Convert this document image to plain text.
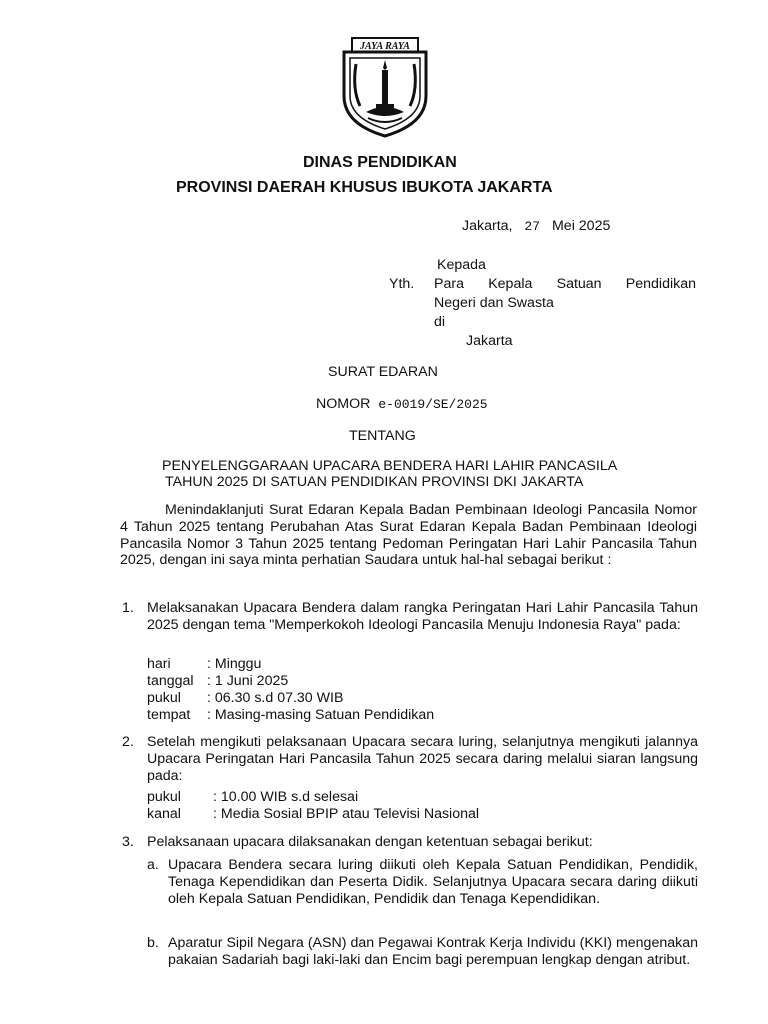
JAYA RAYA
DINAS PENDIDIKAN
PROVINSI DAERAH KHUSUS IBUKOTA JAKARTA
Jakarta, 27 Mei 2025
Kepada
Yth. Para Kepala Satuan Pendidikan
Negeri dan Swasta
di
Jakarta
SURAT EDARAN
NOMOR e-0019/SE/2025
TENTANG
PENYELENGGARAAN UPACARA BENDERA HARI LAHIR PANCASILA
TAHUN 2025 DI SATUAN PENDIDIKAN PROVINSI DKI JAKARTA
Menindaklanjuti Surat Edaran Kepala Badan Pembinaan Ideologi Pancasila Nomor 4 Tahun 2025 tentang Perubahan Atas Surat Edaran Kepala Badan Pembinaan Ideologi Pancasila Nomor 3 Tahun 2025 tentang Pedoman Peringatan Hari Lahir Pancasila Tahun 2025, dengan ini saya minta perhatian Saudara untuk hal-hal sebagai berikut :
1. Melaksanakan Upacara Bendera dalam rangka Peringatan Hari Lahir Pancasila Tahun 2025 dengan tema "Memperkokoh Ideologi Pancasila Menuju Indonesia Raya" pada:
hari	: Minggu
tanggal : 1 Juni 2025
pukul : 06.30 s.d 07.30 WIB
tempat : Masing-masing Satuan Pendidikan
2. Setelah mengikuti pelaksanaan Upacara secara luring, selanjutnya mengikuti jalannya Upacara Peringatan Hari Pancasila Tahun 2025 secara daring melalui siaran langsung pada:
pukul : 10.00 WIB s.d selesai
kanal : Media Sosial BPIP atau Televisi Nasional
3. Pelaksanaan upacara dilaksanakan dengan ketentuan sebagai berikut:
a. Upacara Bendera secara luring diikuti oleh Kepala Satuan Pendidikan, Pendidik, Tenaga Kependidikan dan Peserta Didik. Selanjutnya Upacara secara daring diikuti oleh Kepala Satuan Pendidikan, Pendidik dan Tenaga Kependidikan.
b. Aparatur Sipil Negara (ASN) dan Pegawai Kontrak Kerja Individu (KKI) mengenakan pakaian Sadariah bagi laki-laki dan Encim bagi perempuan lengkap dengan atribut.
